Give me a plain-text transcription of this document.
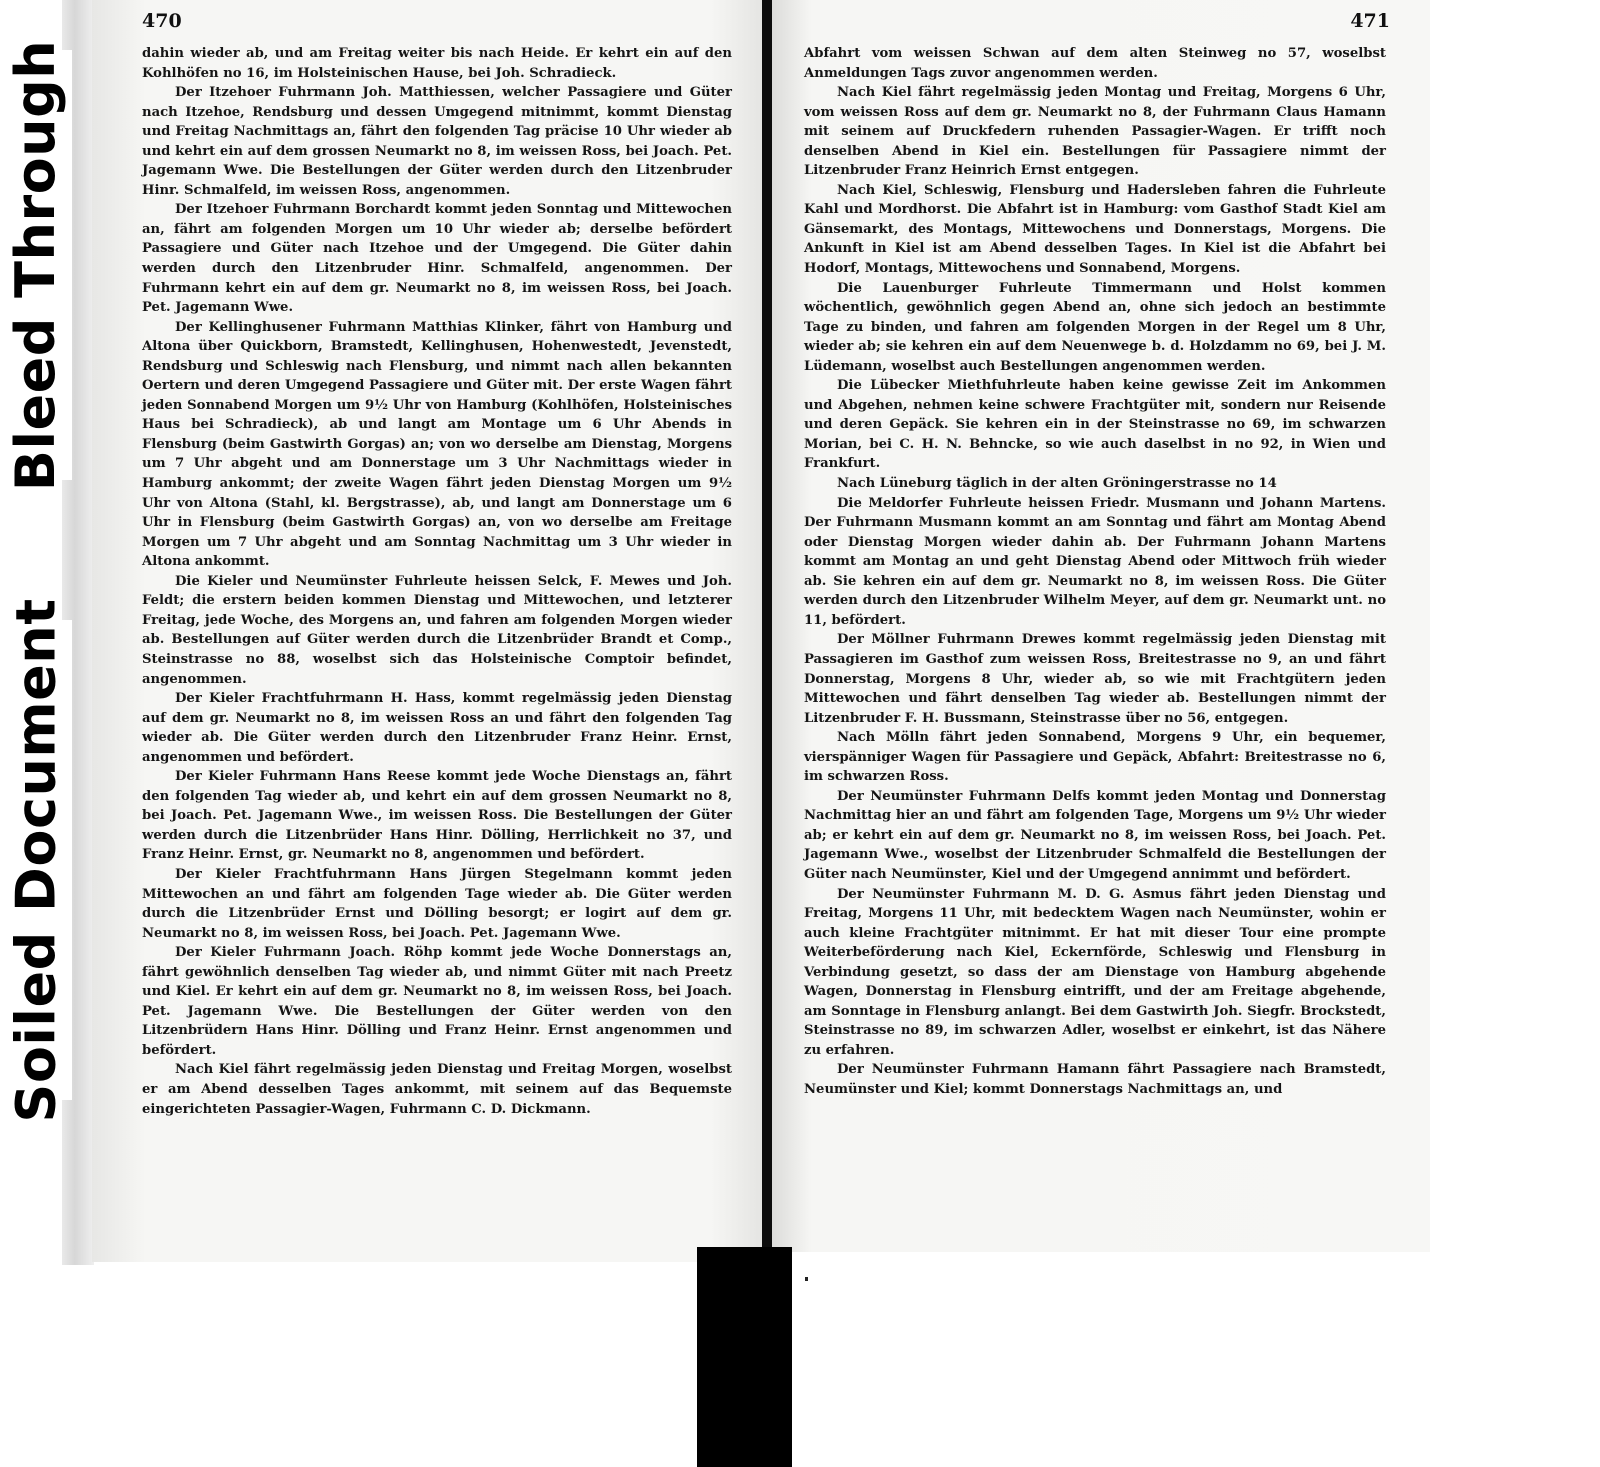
Bleed Through
Soiled Document
470

dahin wieder ab, und am Freitag weiter bis nach Heide. Er kehrt ein auf den Kohlhöfen no 16, im Holsteinischen Hause, bei Joh. Schradieck.

Der Itzehoer Fuhrmann Joh. Matthiessen, welcher Passagiere und Güter nach Itzehoe, Rendsburg und dessen Umgegend mitnimmt, kommt Dienstag und Freitag Nachmittags an, fährt den folgenden Tag präcise 10 Uhr wieder ab und kehrt ein auf dem grossen Neumarkt no 8, im weissen Ross, bei Joach. Pet. Jagemann Wwe. Die Bestellungen der Güter werden durch den Litzenbruder Hinr. Schmalfeld, im weissen Ross, angenommen.

Der Itzehoer Fuhrmann Borchardt kommt jeden Sonntag und Mittewochen an, fährt am folgenden Morgen um 10 Uhr wieder ab; derselbe befördert Passagiere und Güter nach Itzehoe und der Umgegend. Die Güter dahin werden durch den Litzenbruder Hinr. Schmalfeld, angenommen. Der Fuhrmann kehrt ein auf dem gr. Neumarkt no 8, im weissen Ross, bei Joach. Pet. Jagemann Wwe.

Der Kellinghusener Fuhrmann Matthias Klinker, fährt von Hamburg und Altona über Quickborn, Bramstedt, Kellinghusen, Hohenwestedt, Jevenstedt, Rendsburg und Schleswig nach Flensburg, und nimmt nach allen bekannten Oertern und deren Umgegend Passagiere und Güter mit. Der erste Wagen fährt jeden Sonnabend Morgen um 9½ Uhr von Hamburg (Kohlhöfen, Holsteinisches Haus bei Schradieck), ab und langt am Montage um 6 Uhr Abends in Flensburg (beim Gastwirth Gorgas) an; von wo derselbe am Dienstag, Morgens um 7 Uhr abgeht und am Donnerstage um 3 Uhr Nachmittags wieder in Hamburg ankommt; der zweite Wagen fährt jeden Dienstag Morgen um 9½ Uhr von Altona (Stahl, kl. Bergstrasse), ab, und langt am Donnerstage um 6 Uhr in Flensburg (beim Gastwirth Gorgas) an, von wo derselbe am Freitage Morgen um 7 Uhr abgeht und am Sonntag Nachmittag um 3 Uhr wieder in Altona ankommt.

Die Kieler und Neumünster Fuhrleute heissen Selck, F. Mewes und Joh. Feldt; die erstern beiden kommen Dienstag und Mittewochen, und letzterer Freitag, jede Woche, des Morgens an, und fahren am folgenden Morgen wieder ab. Bestellungen auf Güter werden durch die Litzenbrüder Brandt et Comp., Steinstrasse no 88, woselbst sich das Holsteinische Comptoir befindet, angenommen.

Der Kieler Frachtfuhrmann H. Hass, kommt regelmässig jeden Dienstag auf dem gr. Neumarkt no 8, im weissen Ross an und fährt den folgenden Tag wieder ab. Die Güter werden durch den Litzenbruder Franz Heinr. Ernst, angenommen und befördert.

Der Kieler Fuhrmann Hans Reese kommt jede Woche Dienstags an, fährt den folgenden Tag wieder ab, und kehrt ein auf dem grossen Neumarkt no 8, bei Joach. Pet. Jagemann Wwe., im weissen Ross. Die Bestellungen der Güter werden durch die Litzenbrüder Hans Hinr. Dölling, Herrlichkeit no 37, und Franz Heinr. Ernst, gr. Neumarkt no 8, angenommen und befördert.

Der Kieler Frachtfuhrmann Hans Jürgen Stegelmann kommt jeden Mittewochen an und fährt am folgenden Tage wieder ab. Die Güter werden durch die Litzenbrüder Ernst und Dölling besorgt; er logirt auf dem gr. Neumarkt no 8, im weissen Ross, bei Joach. Pet. Jagemann Wwe.

Der Kieler Fuhrmann Joach. Röhp kommt jede Woche Donnerstags an, fährt gewöhnlich denselben Tag wieder ab, und nimmt Güter mit nach Preetz und Kiel. Er kehrt ein auf dem gr. Neumarkt no 8, im weissen Ross, bei Joach. Pet. Jagemann Wwe. Die Bestellungen der Güter werden von den Litzenbrüdern Hans Hinr. Dölling und Franz Heinr. Ernst angenommen und befördert.

Nach Kiel fährt regelmässig jeden Dienstag und Freitag Morgen, woselbst er am Abend desselben Tages ankommt, mit seinem auf das Bequemste eingerichteten Passagier-Wagen, Fuhrmann C. D. Dickmann.

471

Abfahrt vom weissen Schwan auf dem alten Steinweg no 57, woselbst Anmeldungen Tags zuvor angenommen werden.

Nach Kiel fährt regelmässig jeden Montag und Freitag, Morgens 6 Uhr, vom weissen Ross auf dem gr. Neumarkt no 8, der Fuhrmann Claus Hamann mit seinem auf Druckfedern ruhenden Passagier-Wagen. Er trifft noch denselben Abend in Kiel ein. Bestellungen für Passagiere nimmt der Litzenbruder Franz Heinrich Ernst entgegen.

Nach Kiel, Schleswig, Flensburg und Hadersleben fahren die Fuhrleute Kahl und Mordhorst. Die Abfahrt ist in Hamburg: vom Gasthof Stadt Kiel am Gänsemarkt, des Montags, Mittewochens und Donnerstags, Morgens. Die Ankunft in Kiel ist am Abend desselben Tages. In Kiel ist die Abfahrt bei Hodorf, Montags, Mittewochens und Sonnabend, Morgens.

Die Lauenburger Fuhrleute Timmermann und Holst kommen wöchentlich, gewöhnlich gegen Abend an, ohne sich jedoch an bestimmte Tage zu binden, und fahren am folgenden Morgen in der Regel um 8 Uhr, wieder ab; sie kehren ein auf dem Neuenwege b. d. Holzdamm no 69, bei J. M. Lüdemann, woselbst auch Bestellungen angenommen werden.

Die Lübecker Miethfuhrleute haben keine gewisse Zeit im Ankommen und Abgehen, nehmen keine schwere Frachtgüter mit, sondern nur Reisende und deren Gepäck. Sie kehren ein in der Steinstrasse no 69, im schwarzen Morian, bei C. H. N. Behncke, so wie auch daselbst in no 92, in Wien und Frankfurt.

Nach Lüneburg täglich in der alten Gröningerstrasse no 14

Die Meldorfer Fuhrleute heissen Friedr. Musmann und Johann Martens. Der Fuhrmann Musmann kommt an am Sonntag und fährt am Montag Abend oder Dienstag Morgen wieder dahin ab. Der Fuhrmann Johann Martens kommt am Montag an und geht Dienstag Abend oder Mittwoch früh wieder ab. Sie kehren ein auf dem gr. Neumarkt no 8, im weissen Ross. Die Güter werden durch den Litzenbruder Wilhelm Meyer, auf dem gr. Neumarkt unt. no 11, befördert.

Der Möllner Fuhrmann Drewes kommt regelmässig jeden Dienstag mit Passagieren im Gasthof zum weissen Ross, Breitestrasse no 9, an und fährt Donnerstag, Morgens 8 Uhr, wieder ab, so wie mit Frachtgütern jeden Mittewochen und fährt denselben Tag wieder ab. Bestellungen nimmt der Litzenbruder F. H. Bussmann, Steinstrasse über no 56, entgegen.

Nach Mölln fährt jeden Sonnabend, Morgens 9 Uhr, ein bequemer, vierspänniger Wagen für Passagiere und Gepäck, Abfahrt: Breitestrasse no 6, im schwarzen Ross.

Der Neumünster Fuhrmann Delfs kommt jeden Montag und Donnerstag Nachmittag hier an und fährt am folgenden Tage, Morgens um 9½ Uhr wieder ab; er kehrt ein auf dem gr. Neumarkt no 8, im weissen Ross, bei Joach. Pet. Jagemann Wwe., woselbst der Litzenbruder Schmalfeld die Bestellungen der Güter nach Neumünster, Kiel und der Umgegend annimmt und befördert.

Der Neumünster Fuhrmann M. D. G. Asmus fährt jeden Dienstag und Freitag, Morgens 11 Uhr, mit bedecktem Wagen nach Neumünster, wohin er auch kleine Frachtgüter mitnimmt. Er hat mit dieser Tour eine prompte Weiterbeförderung nach Kiel, Eckernförde, Schleswig und Flensburg in Verbindung gesetzt, so dass der am Dienstage von Hamburg abgehende Wagen, Donnerstag in Flensburg eintrifft, und der am Freitage abgehende, am Sonntage in Flensburg anlangt. Bei dem Gastwirth Joh. Siegfr. Brockstedt, Steinstrasse no 89, im schwarzen Adler, woselbst er einkehrt, ist das Nähere zu erfahren.

Der Neumünster Fuhrmann Hamann fährt Passagiere nach Bramstedt, Neumünster und Kiel; kommt Donnerstags Nachmittags an, und
